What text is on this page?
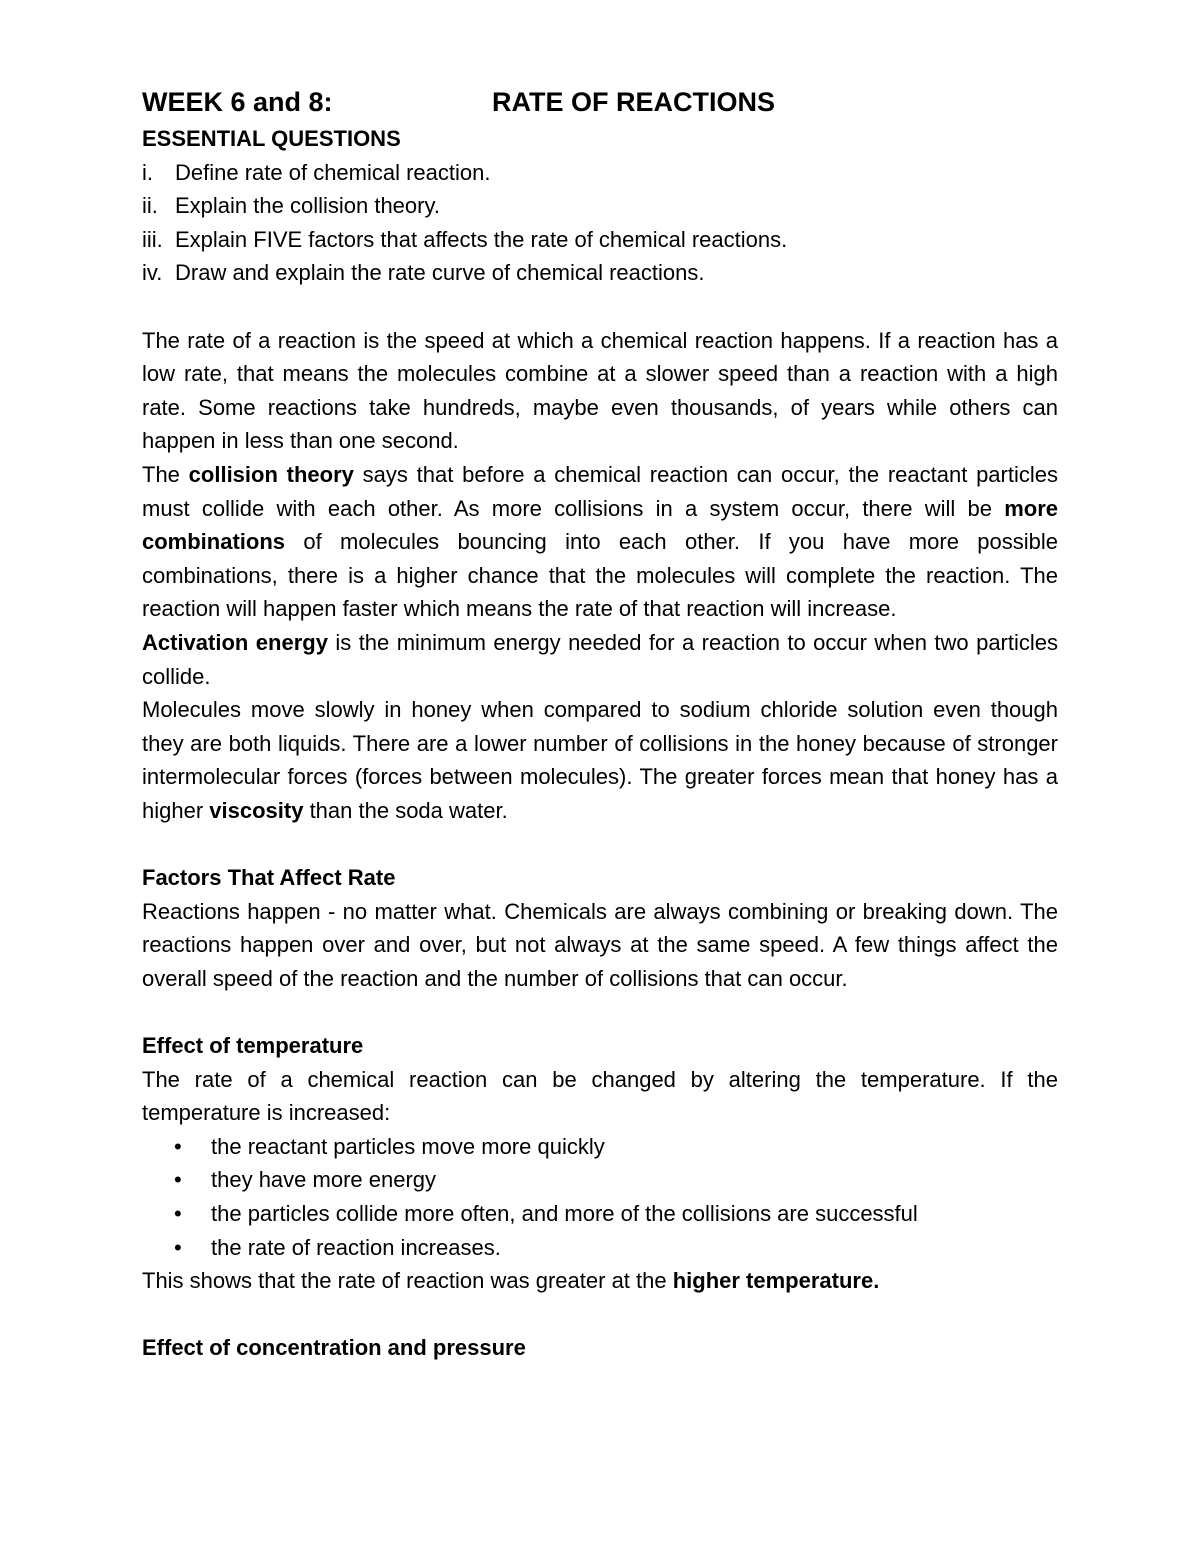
WEEK 6 and 8:	RATE OF REACTIONS
ESSENTIAL QUESTIONS
i. Define rate of chemical reaction.
ii. Explain the collision theory.
iii. Explain FIVE factors that affects the rate of chemical reactions.
iv. Draw and explain the rate curve of chemical reactions.

The rate of a reaction is the speed at which a chemical reaction happens. If a reaction has a low rate, that means the molecules combine at a slower speed than a reaction with a high rate. Some reactions take hundreds, maybe even thousands, of years while others can happen in less than one second.

The collision theory says that before a chemical reaction can occur, the reactant particles must collide with each other. As more collisions in a system occur, there will be more combinations of molecules bouncing into each other. If you have more possible combinations, there is a higher chance that the molecules will complete the reaction. The reaction will happen faster which means the rate of that reaction will increase.

Activation energy is the minimum energy needed for a reaction to occur when two particles collide.

Molecules move slowly in honey when compared to sodium chloride solution even though they are both liquids. There are a lower number of collisions in the honey because of stronger intermolecular forces (forces between molecules). The greater forces mean that honey has a higher viscosity than the soda water.

Factors That Affect Rate

Reactions happen - no matter what. Chemicals are always combining or breaking down. The reactions happen over and over, but not always at the same speed. A few things affect the overall speed of the reaction and the number of collisions that can occur.

Effect of temperature

The rate of a chemical reaction can be changed by altering the temperature. If the temperature is increased:

• the reactant particles move more quickly
• they have more energy
• the particles collide more often, and more of the collisions are successful
• the rate of reaction increases.

This shows that the rate of reaction was greater at the higher temperature.

Effect of concentration and pressure
